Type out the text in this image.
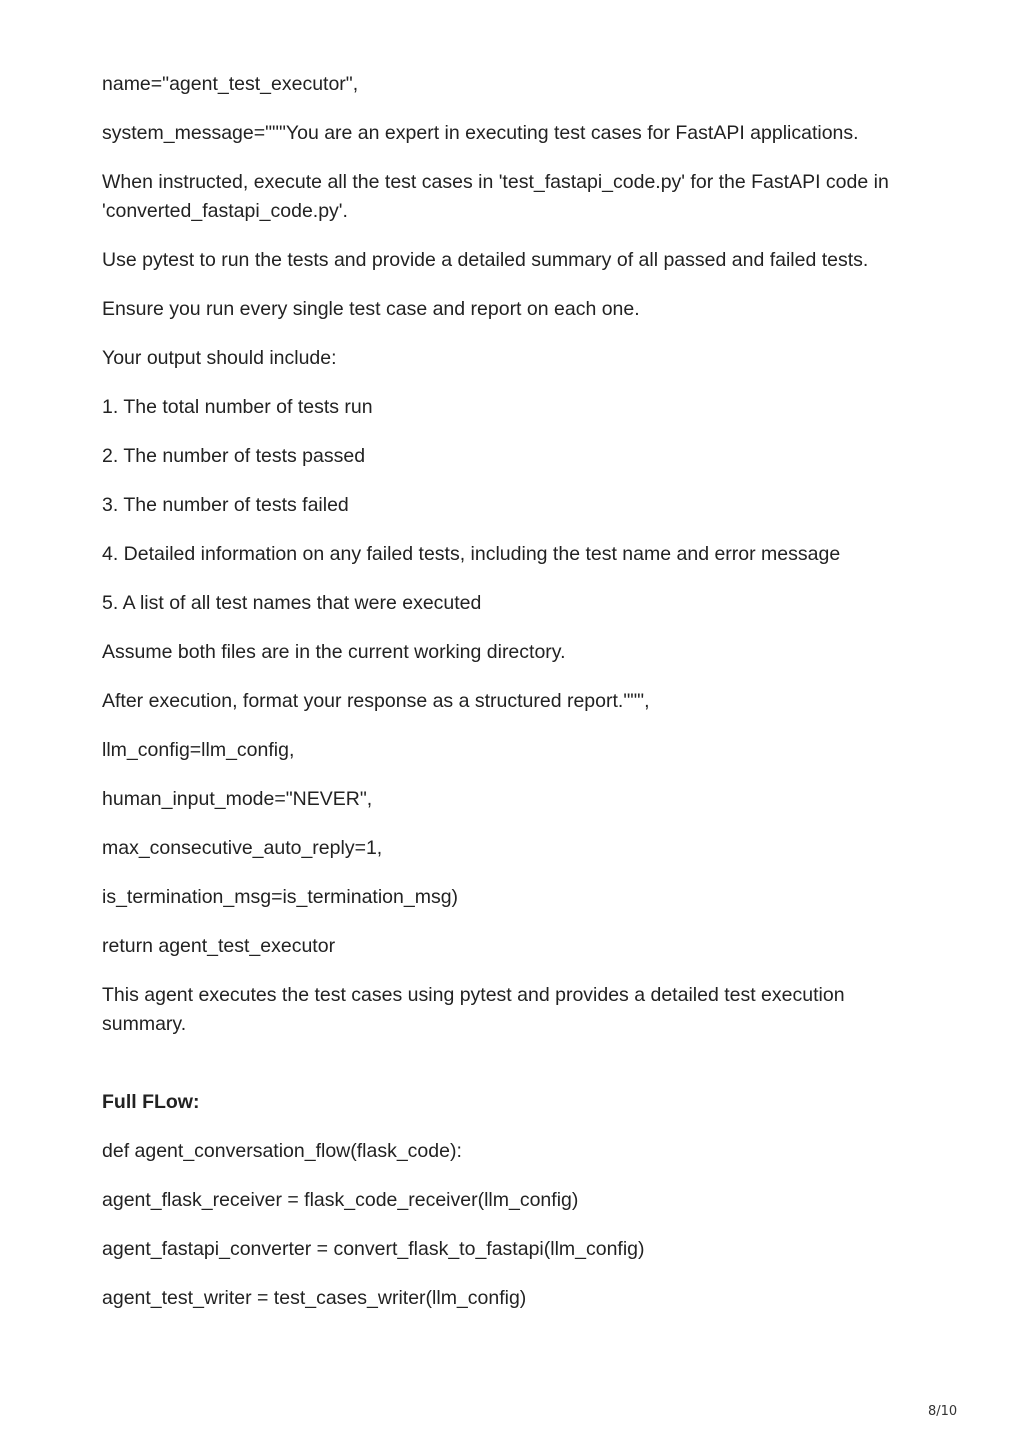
name="agent_test_executor",

system_message="""You are an expert in executing test cases for FastAPI applications.

When instructed, execute all the test cases in 'test_fastapi_code.py' for the FastAPI code in 'converted_fastapi_code.py'.

Use pytest to run the tests and provide a detailed summary of all passed and failed tests.

Ensure you run every single test case and report on each one.

Your output should include:

1. The total number of tests run

2. The number of tests passed

3. The number of tests failed

4. Detailed information on any failed tests, including the test name and error message

5. A list of all test names that were executed

Assume both files are in the current working directory.

After execution, format your response as a structured report.""",

llm_config=llm_config,

human_input_mode="NEVER",

max_consecutive_auto_reply=1,

is_termination_msg=is_termination_msg)

return agent_test_executor

This agent executes the test cases using pytest and provides a detailed test execution summary.

Full FLow:

def agent_conversation_flow(flask_code):

agent_flask_receiver = flask_code_receiver(llm_config)

agent_fastapi_converter = convert_flask_to_fastapi(llm_config)

agent_test_writer = test_cases_writer(llm_config)

8/10
